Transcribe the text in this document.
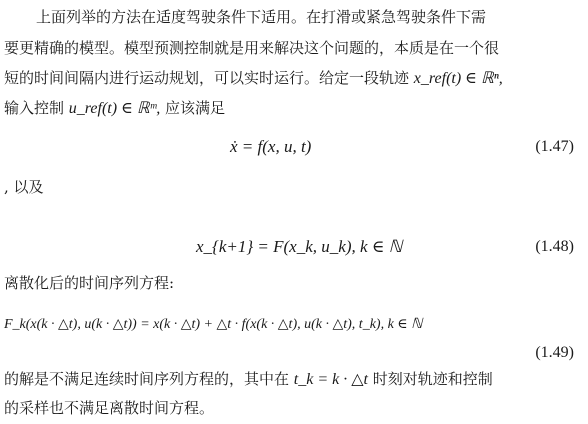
上面列举的方法在适度驾驶条件下适用。在打滑或紧急驾驶条件下需
要更精确的模型。模型预测控制就是用来解决这个问题的，本质是在一个很
短的时间间隔内进行运动规划，可以实时运行。给定一段轨迹 x_ref(t) ∈ ℝⁿ,
输入控制 u_ref(t) ∈ ℝᵐ, 应该满足
ẋ = f(x, u, t)	(1.47)
, 以及
x_{k+1} = F(x_k, u_k), k ∈ ℕ	(1.48)
离散化后的时间序列方程:
F_k(x(k · △t), u(k · △t)) = x(k · △t) + △t · f(x(k · △t), u(k · △t), t_k), k ∈ ℕ
(1.49)
的解是不满足连续时间序列方程的，其中在 t_k = k · △t 时刻对轨迹和控制
的采样也不满足离散时间方程。
